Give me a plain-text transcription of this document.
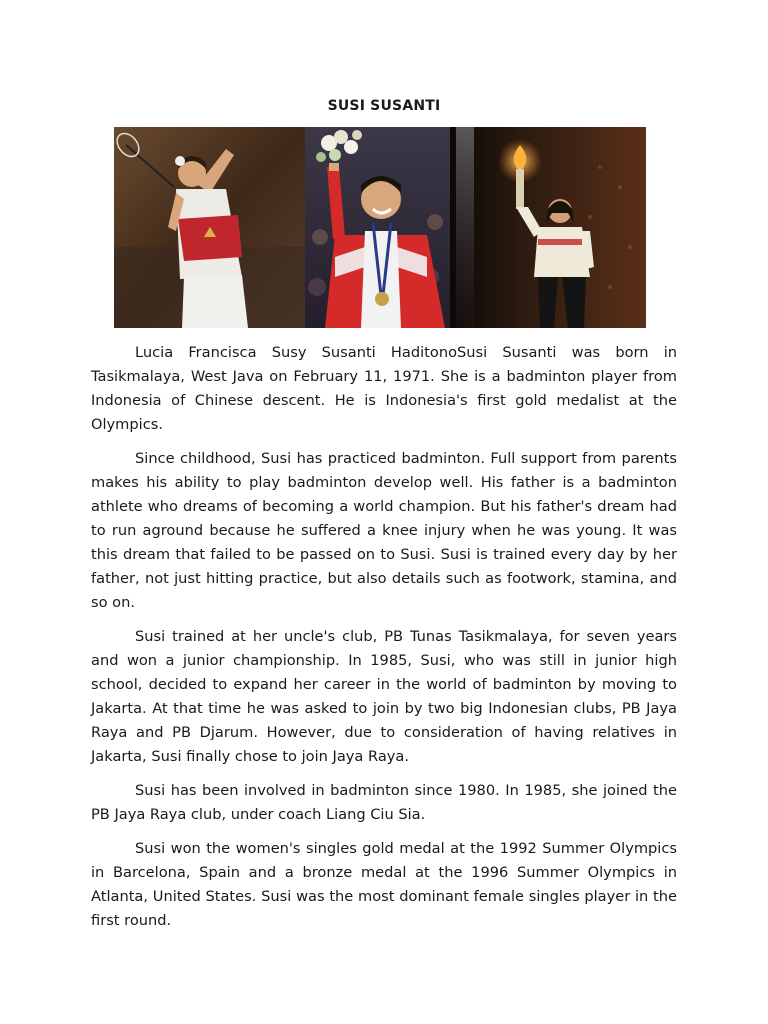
SUSI SUSANTI

Lucia Francisca Susy Susanti HaditonoSusi Susanti was born in Tasikmalaya, West Java on February 11, 1971. She is a badminton player from Indonesia of Chinese descent. He is Indonesia's first gold medalist at the Olympics.

Since childhood, Susi has practiced badminton. Full support from parents makes his ability to play badminton develop well. His father is a badminton athlete who dreams of becoming a world champion. But his father's dream had to run aground because he suffered a knee injury when he was young. It was this dream that failed to be passed on to Susi. Susi is trained every day by her father, not just hitting practice, but also details such as footwork, stamina, and so on.

Susi trained at her uncle's club, PB Tunas Tasikmalaya, for seven years and won a junior championship. In 1985, Susi, who was still in junior high school, decided to expand her career in the world of badminton by moving to Jakarta. At that time he was asked to join by two big Indonesian clubs, PB Jaya Raya and PB Djarum. However, due to consideration of having relatives in Jakarta, Susi finally chose to join Jaya Raya.

Susi has been involved in badminton since 1980. In 1985, she joined the PB Jaya Raya club, under coach Liang Ciu Sia.

Susi won the women's singles gold medal at the 1992 Summer Olympics in Barcelona, Spain and a bronze medal at the 1996 Summer Olympics in Atlanta, United States. Susi was the most dominant female singles player in the first round.
